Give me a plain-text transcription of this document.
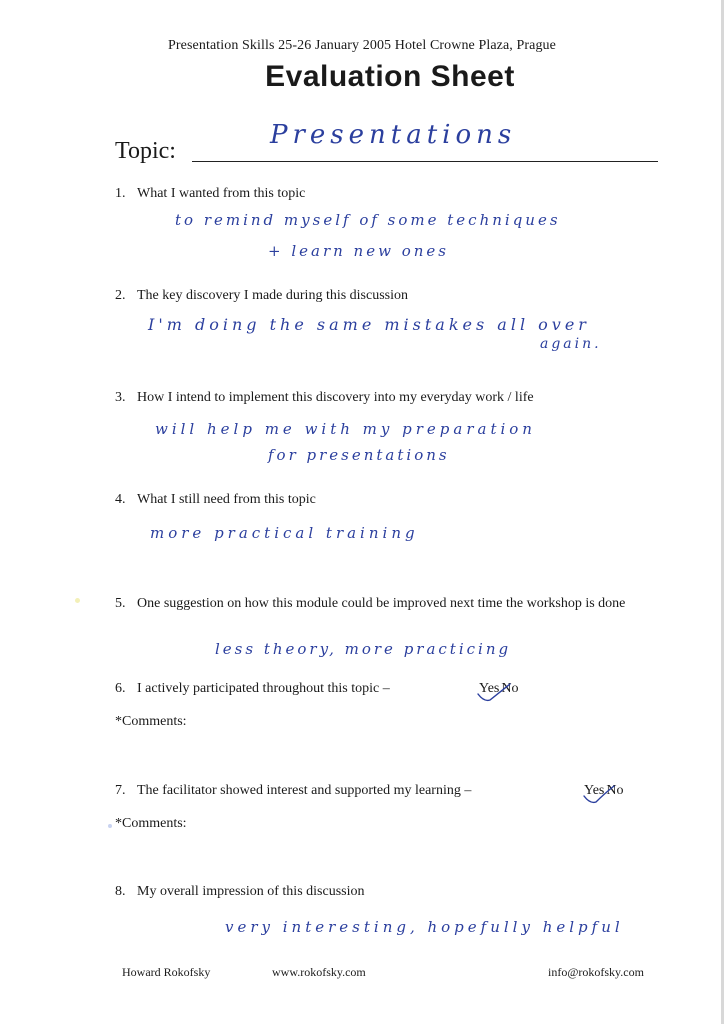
Presentation Skills 25-26 January 2005 Hotel Crowne Plaza, Prague
Evaluation Sheet
Topic:
Presentations
1. What I wanted from this topic
to remind myself of some techniques
+ learn new ones
2. The key discovery I made during this discussion
I'm doing the same mistakes all over
again.
3. How I intend to implement this discovery into my everyday work / life
will help me with my preparation
for presentations
4. What I still need from this topic
more practical training
5. One suggestion on how this module could be improved next time the workshop is done
less theory, more practicing
6. I actively participated throughout this topic –	Yes No
*Comments:
7. The facilitator showed interest and supported my learning –	Yes No
*Comments:
8. My overall impression of this discussion
very interesting, hopefully helpful
Howard Rokofsky	www.rokofsky.com	info@rokofsky.com
